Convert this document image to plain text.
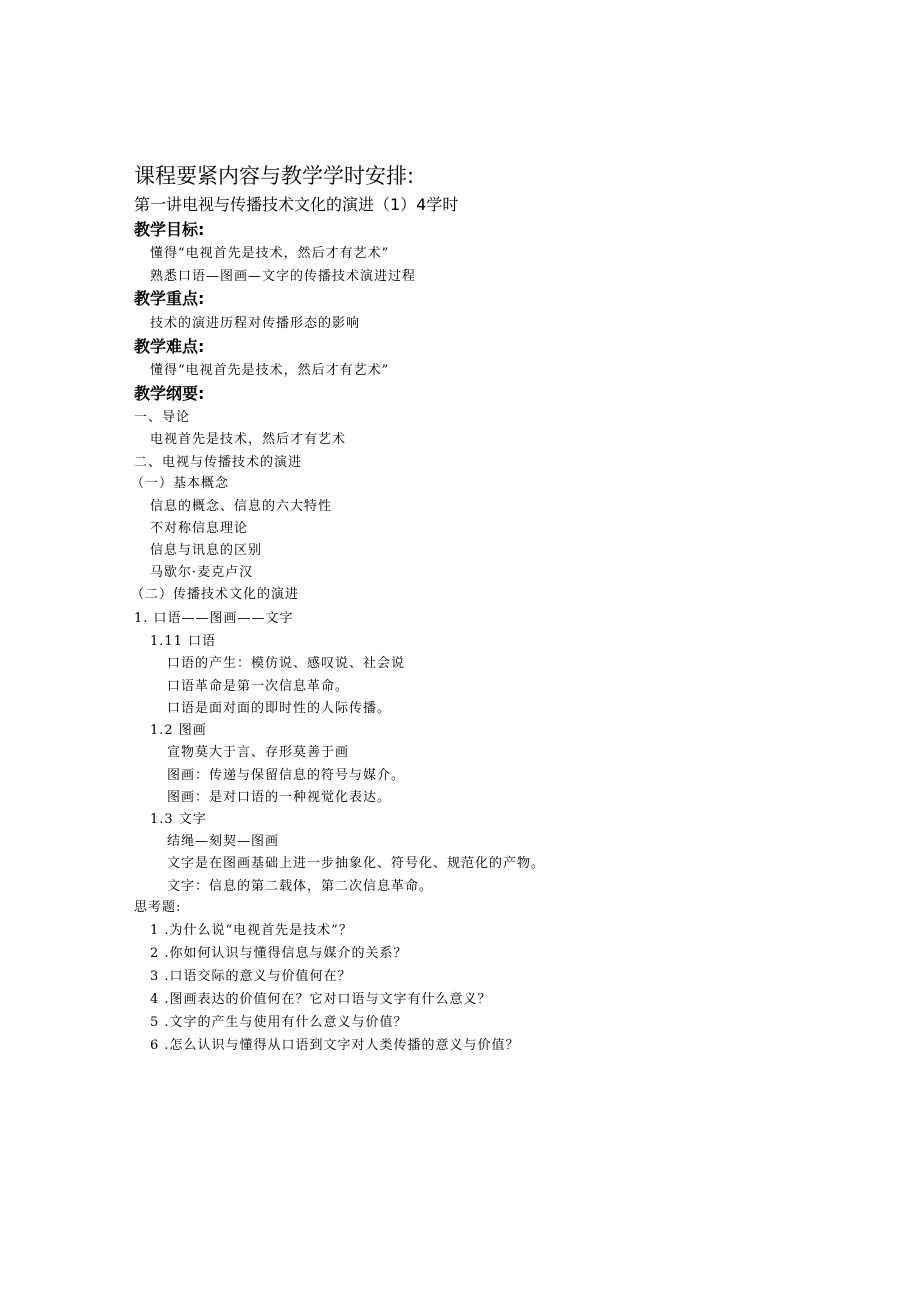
课程要紧内容与教学学时安排:
第一讲电视与传播技术文化的演进（1）4学时
教学目标:
懂得“电视首先是技术，然后才有艺术”
熟悉口语—图画—文字的传播技术演进过程
教学重点:
技术的演进历程对传播形态的影响
教学难点:
懂得“电视首先是技术，然后才有艺术”
教学纲要:
一、导论
电视首先是技术，然后才有艺术
二、电视与传播技术的演进
（一）基本概念
信息的概念、信息的六大特性
不对称信息理论
信息与讯息的区别
马歇尔·麦克卢汉
（二）传播技术文化的演进
1. 口语——图画——文字
1.11 口语
口语的产生：模仿说、感叹说、社会说
口语革命是第一次信息革命。
口语是面对面的即时性的人际传播。
1.2 图画
宣物莫大于言、存形莫善于画
图画：传递与保留信息的符号与媒介。
图画：是对口语的一种视觉化表达。
1.3 文字
结绳—刻契—图画
文字是在图画基础上进一步抽象化、符号化、规范化的产物。
文字：信息的第二载体，第二次信息革命。
思考题:
1 .为什么说“电视首先是技术”？
2 .你如何认识与懂得信息与媒介的关系？
3 .口语交际的意义与价值何在？
4 .图画表达的价值何在？它对口语与文字有什么意义？
5 .文字的产生与使用有什么意义与价值？
6 .怎么认识与懂得从口语到文字对人类传播的意义与价值？
